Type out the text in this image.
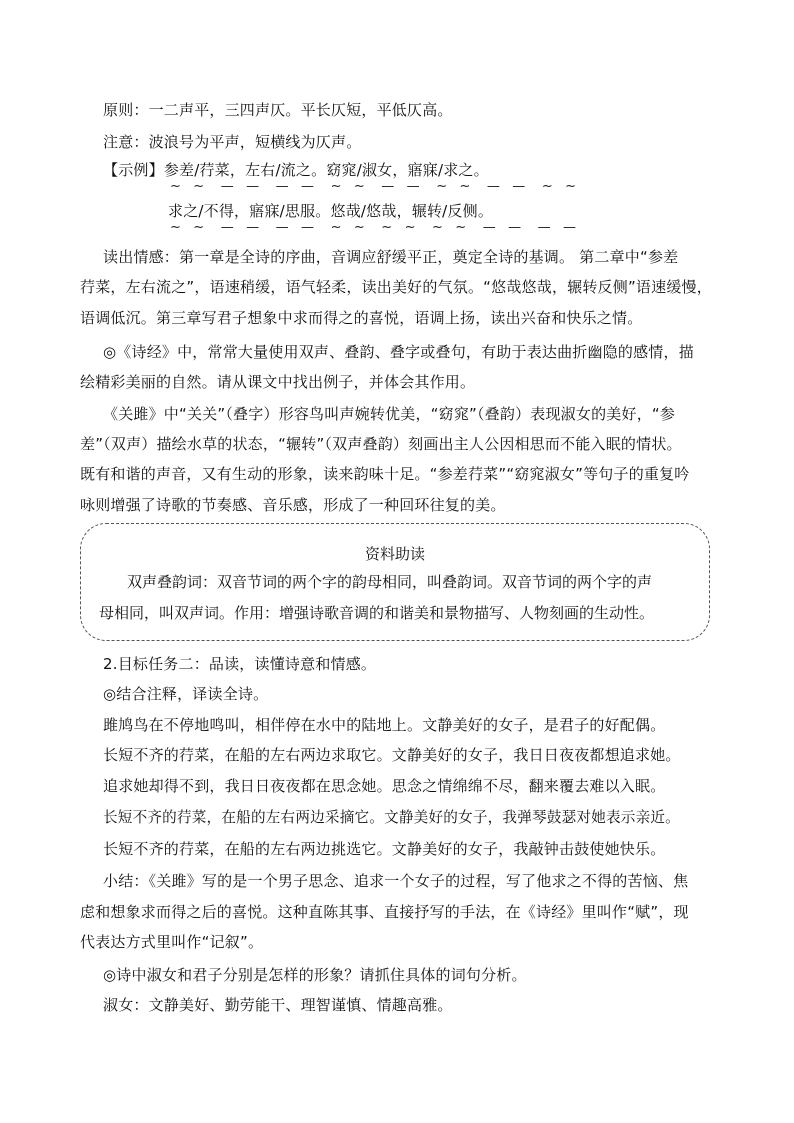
原则：一二声平，三四声仄。平长仄短，平低仄高。
注意：波浪号为平声，短横线为仄声。
【示例】参差/荇菜，左右/流之。窈窕/淑女，寤寐/求之。
~   ~    —   —    —   —    ~   ~    —   —    ~   ~    —   —    ~   ~
求之/不得，寤寐/思服。悠哉/悠哉，辗转/反侧。
~   ~    —   —    —   —    ~   ~    ~   ~    ~   ~    —   —    —   —
读出情感：第一章是全诗的序曲，音调应舒缓平正，奠定全诗的基调。 第二章中“参差
荇菜，左右流之”，语速稍缓，语气轻柔，读出美好的气氛。“悠哉悠哉，辗转反侧”语速缓慢，
语调低沉。第三章写君子想象中求而得之的喜悦，语调上扬，读出兴奋和快乐之情。
◎《诗经》中，常常大量使用双声、叠韵、叠字或叠句，有助于表达曲折幽隐的感情，描
绘精彩美丽的自然。请从课文中找出例子，并体会其作用。
《关雎》中“关关”（叠字）形容鸟叫声婉转优美，“窈窕”（叠韵）表现淑女的美好，“参
差”（双声）描绘水草的状态，“辗转”（双声叠韵）刻画出主人公因相思而不能入眠的情状。
既有和谐的声音，又有生动的形象，读来韵味十足。“参差荇菜”“窈窕淑女”等句子的重复吟
咏则增强了诗歌的节奏感、音乐感，形成了一种回环往复的美。
资料助读
双声叠韵词：双音节词的两个字的韵母相同，叫叠韵词。双音节词的两个字的声
母相同，叫双声词。作用：增强诗歌音调的和谐美和景物描写、人物刻画的生动性。
2.目标任务二：品读，读懂诗意和情感。
◎结合注释，译读全诗。
雎鸠鸟在不停地鸣叫，相伴停在水中的陆地上。文静美好的女子，是君子的好配偶。
长短不齐的荇菜，在船的左右两边求取它。文静美好的女子，我日日夜夜都想追求她。
追求她却得不到，我日日夜夜都在思念她。思念之情绵绵不尽，翻来覆去难以入眠。
长短不齐的荇菜，在船的左右两边采摘它。文静美好的女子，我弹琴鼓瑟对她表示亲近。
长短不齐的荇菜，在船的左右两边挑选它。文静美好的女子，我敲钟击鼓使她快乐。
小结：《关雎》写的是一个男子思念、追求一个女子的过程，写了他求之不得的苦恼、焦
虑和想象求而得之后的喜悦。这种直陈其事、直接抒写的手法，在《诗经》里叫作“赋”，现
代表达方式里叫作“记叙”。
◎诗中淑女和君子分别是怎样的形象？请抓住具体的词句分析。
淑女：文静美好、勤劳能干、理智谨慎、情趣高雅。
